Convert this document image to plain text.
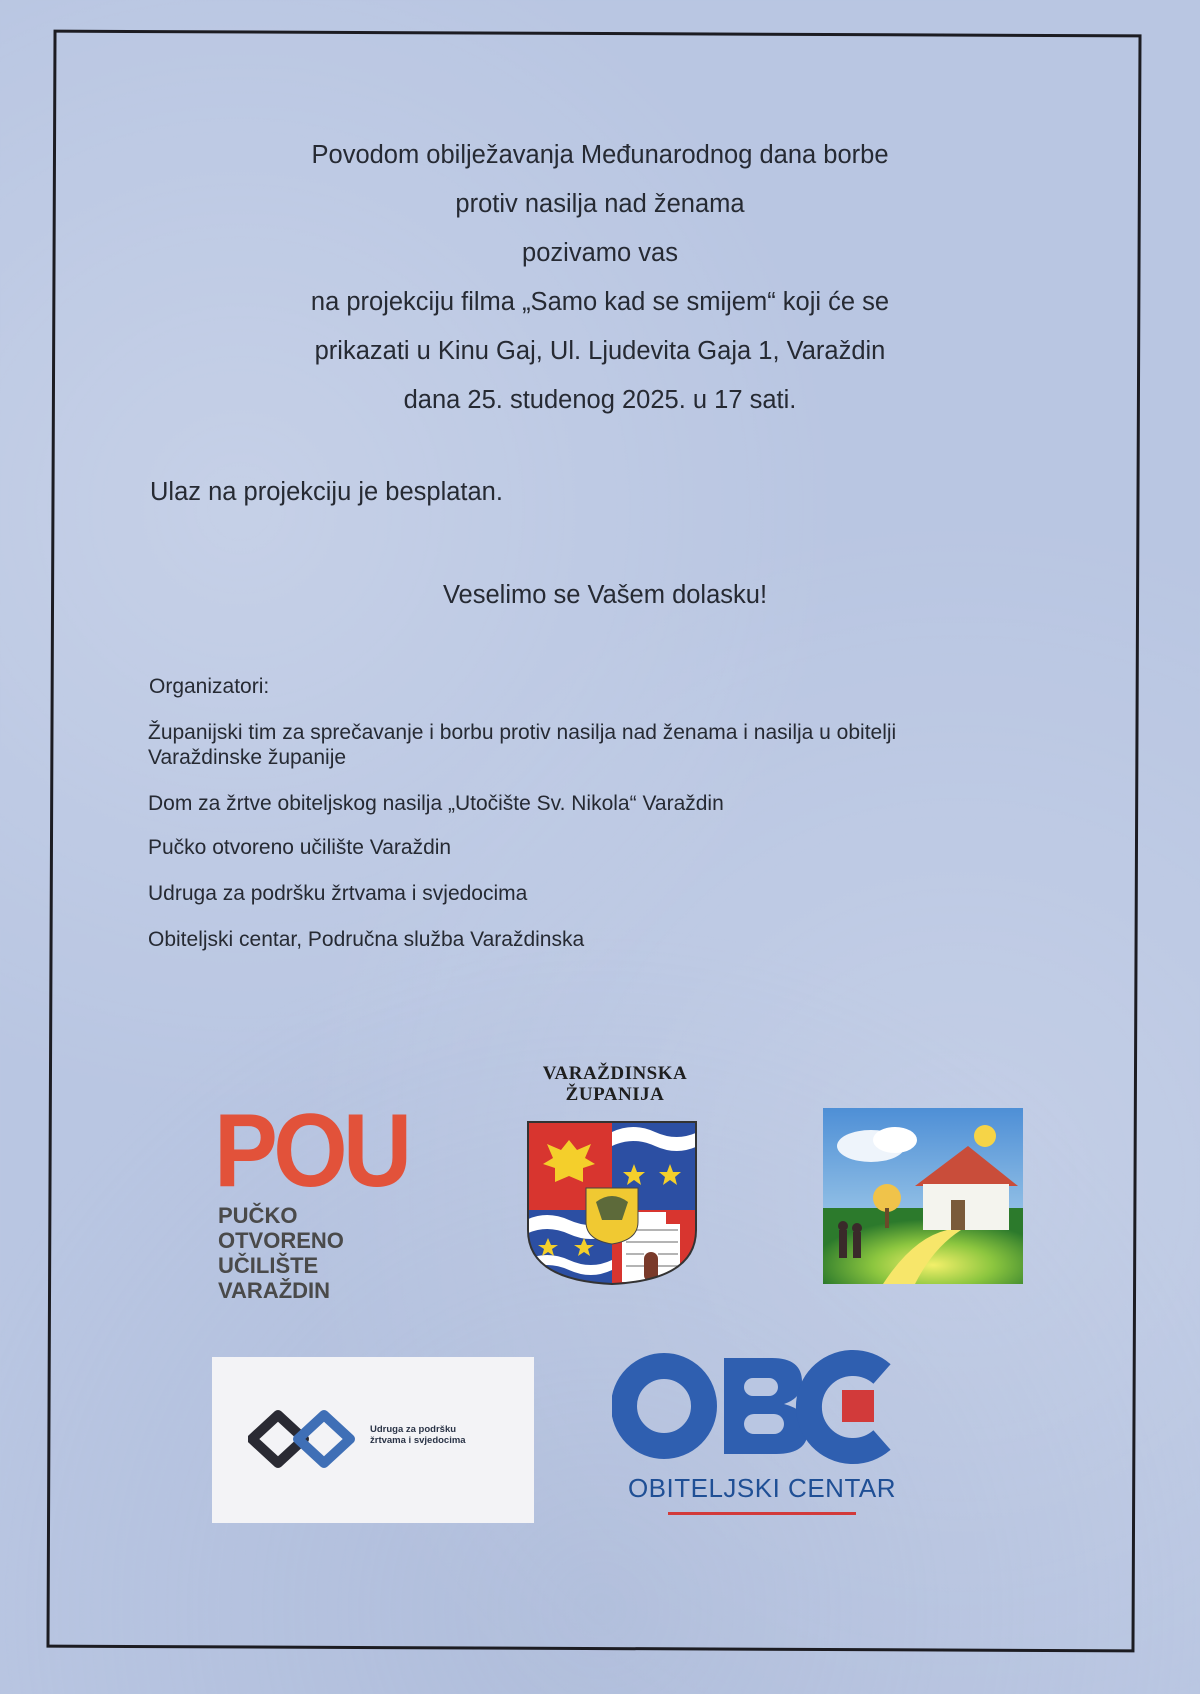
Povodom obilježavanja Međunarodnog dana borbe
protiv nasilja nad ženama
pozivamo vas
na projekciju filma „Samo kad se smijem“ koji će se
prikazati u Kinu Gaj, Ul. Ljudevita Gaja 1, Varaždin
dana 25. studenog 2025. u 17 sati.
Ulaz na projekciju je besplatan.
Veselimo se Vašem dolasku!
Organizatori:
Županijski tim za sprečavanje i borbu protiv nasilja nad ženama i nasilja u obitelji
Varaždinske županije
Dom za žrtve obiteljskog nasilja „Utočište Sv. Nikola“ Varaždin
Pučko otvoreno učilište Varaždin
Udruga za podršku žrtvama i svjedocima
Obiteljski centar, Područna služba Varaždinska
POU
PUČKO
OTVORENO
UČILIŠTE
VARAŽDIN
VARAŽDINSKA
ŽUPANIJA
Udruga za podršku
žrtvama i svjedocima
OBITELJSKI CENTAR
